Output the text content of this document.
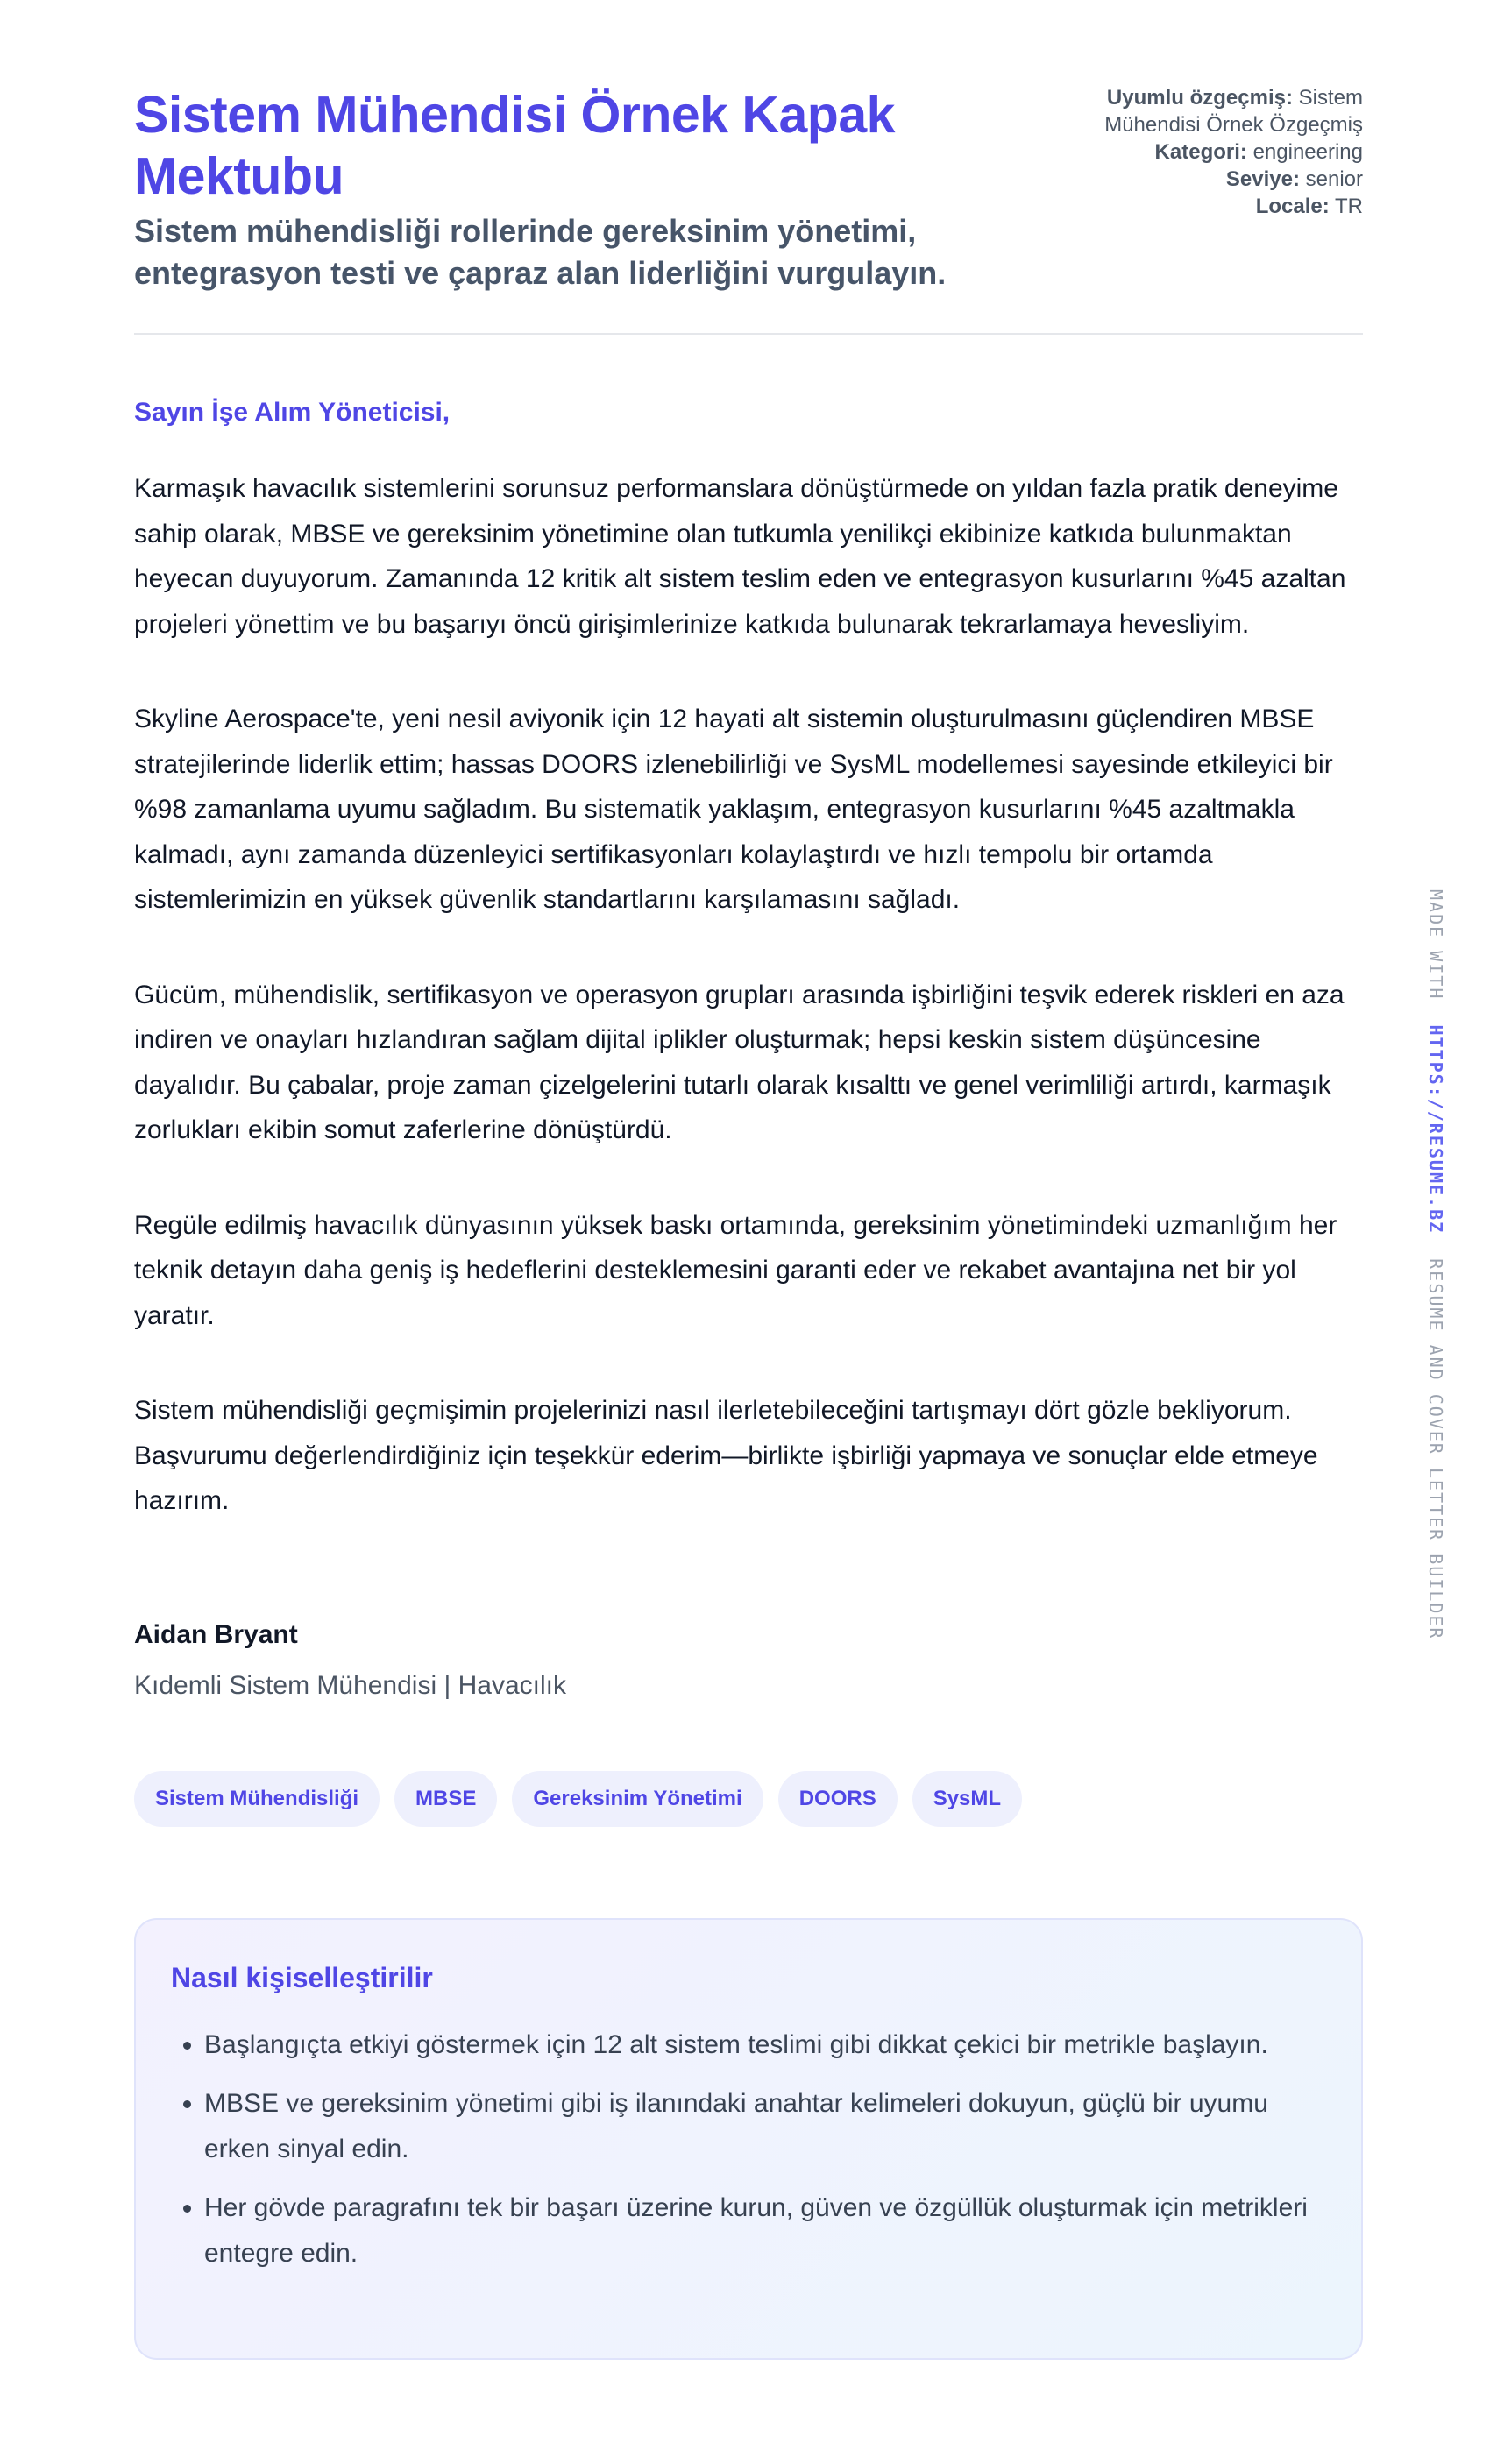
Sistem Mühendisi Örnek Kapak Mektubu

Sistem mühendisliği rollerinde gereksinim yönetimi, entegrasyon testi ve çapraz alan liderliğini vurgulayın.

Uyumlu özgeçmiş: Sistem Mühendisi Örnek Özgeçmiş

Kategori: engineering

Seviye: senior

Locale: TR

Sayın İşe Alım Yöneticisi,

Karmaşık havacılık sistemlerini sorunsuz performanslara dönüştürmede on yıldan fazla pratik deneyime sahip olarak, MBSE ve gereksinim yönetimine olan tutkumla yenilikçi ekibinize katkıda bulunmaktan heyecan duyuyorum. Zamanında 12 kritik alt sistem teslim eden ve entegrasyon kusurlarını %45 azaltan projeleri yönettim ve bu başarıyı öncü girişimlerinize katkıda bulunarak tekrarlamaya hevesliyim.

Skyline Aerospace'te, yeni nesil aviyonik için 12 hayati alt sistemin oluşturulmasını güçlendiren MBSE stratejilerinde liderlik ettim; hassas DOORS izlenebilirliği ve SysML modellemesi sayesinde etkileyici bir %98 zamanlama uyumu sağladım. Bu sistematik yaklaşım, entegrasyon kusurlarını %45 azaltmakla kalmadı, aynı zamanda düzenleyici sertifikasyonları kolaylaştırdı ve hızlı tempolu bir ortamda sistemlerimizin en yüksek güvenlik standartlarını karşılamasını sağladı.

Gücüm, mühendislik, sertifikasyon ve operasyon grupları arasında işbirliğini teşvik ederek riskleri en aza indiren ve onayları hızlandıran sağlam dijital iplikler oluşturmak; hepsi keskin sistem düşüncesine dayalıdır. Bu çabalar, proje zaman çizelgelerini tutarlı olarak kısalttı ve genel verimliliği artırdı, karmaşık zorlukları ekibin somut zaferlerine dönüştürdü.

Regüle edilmiş havacılık dünyasının yüksek baskı ortamında, gereksinim yönetimindeki uzmanlığım her teknik detayın daha geniş iş hedeflerini desteklemesini garanti eder ve rekabet avantajına net bir yol yaratır.

Sistem mühendisliği geçmişimin projelerinizi nasıl ilerletebileceğini tartışmayı dört gözle bekliyorum. Başvurumu değerlendirdiğiniz için teşekkür ederim—birlikte işbirliği yapmaya ve sonuçlar elde etmeye hazırım.

Aidan Bryant

Kıdemli Sistem Mühendisi | Havacılık

Sistem Mühendisliği	MBSE	Gereksinim Yönetimi	DOORS	SysML
Nasıl kişiselleştirilir
• Başlangıçta etkiyi göstermek için 12 alt sistem teslimi gibi dikkat çekici bir metrikle başlayın.
• MBSE ve gereksinim yönetimi gibi iş ilanındaki anahtar kelimeleri dokuyun, güçlü bir uyumu erken sinyal edin.
• Her gövde paragrafını tek bir başarı üzerine kurun, güven ve özgüllük oluşturmak için metrikleri entegre edin.
MADE WITH  HTTPS://RESUME.BZ  RESUME AND COVER LETTER BUILDER
